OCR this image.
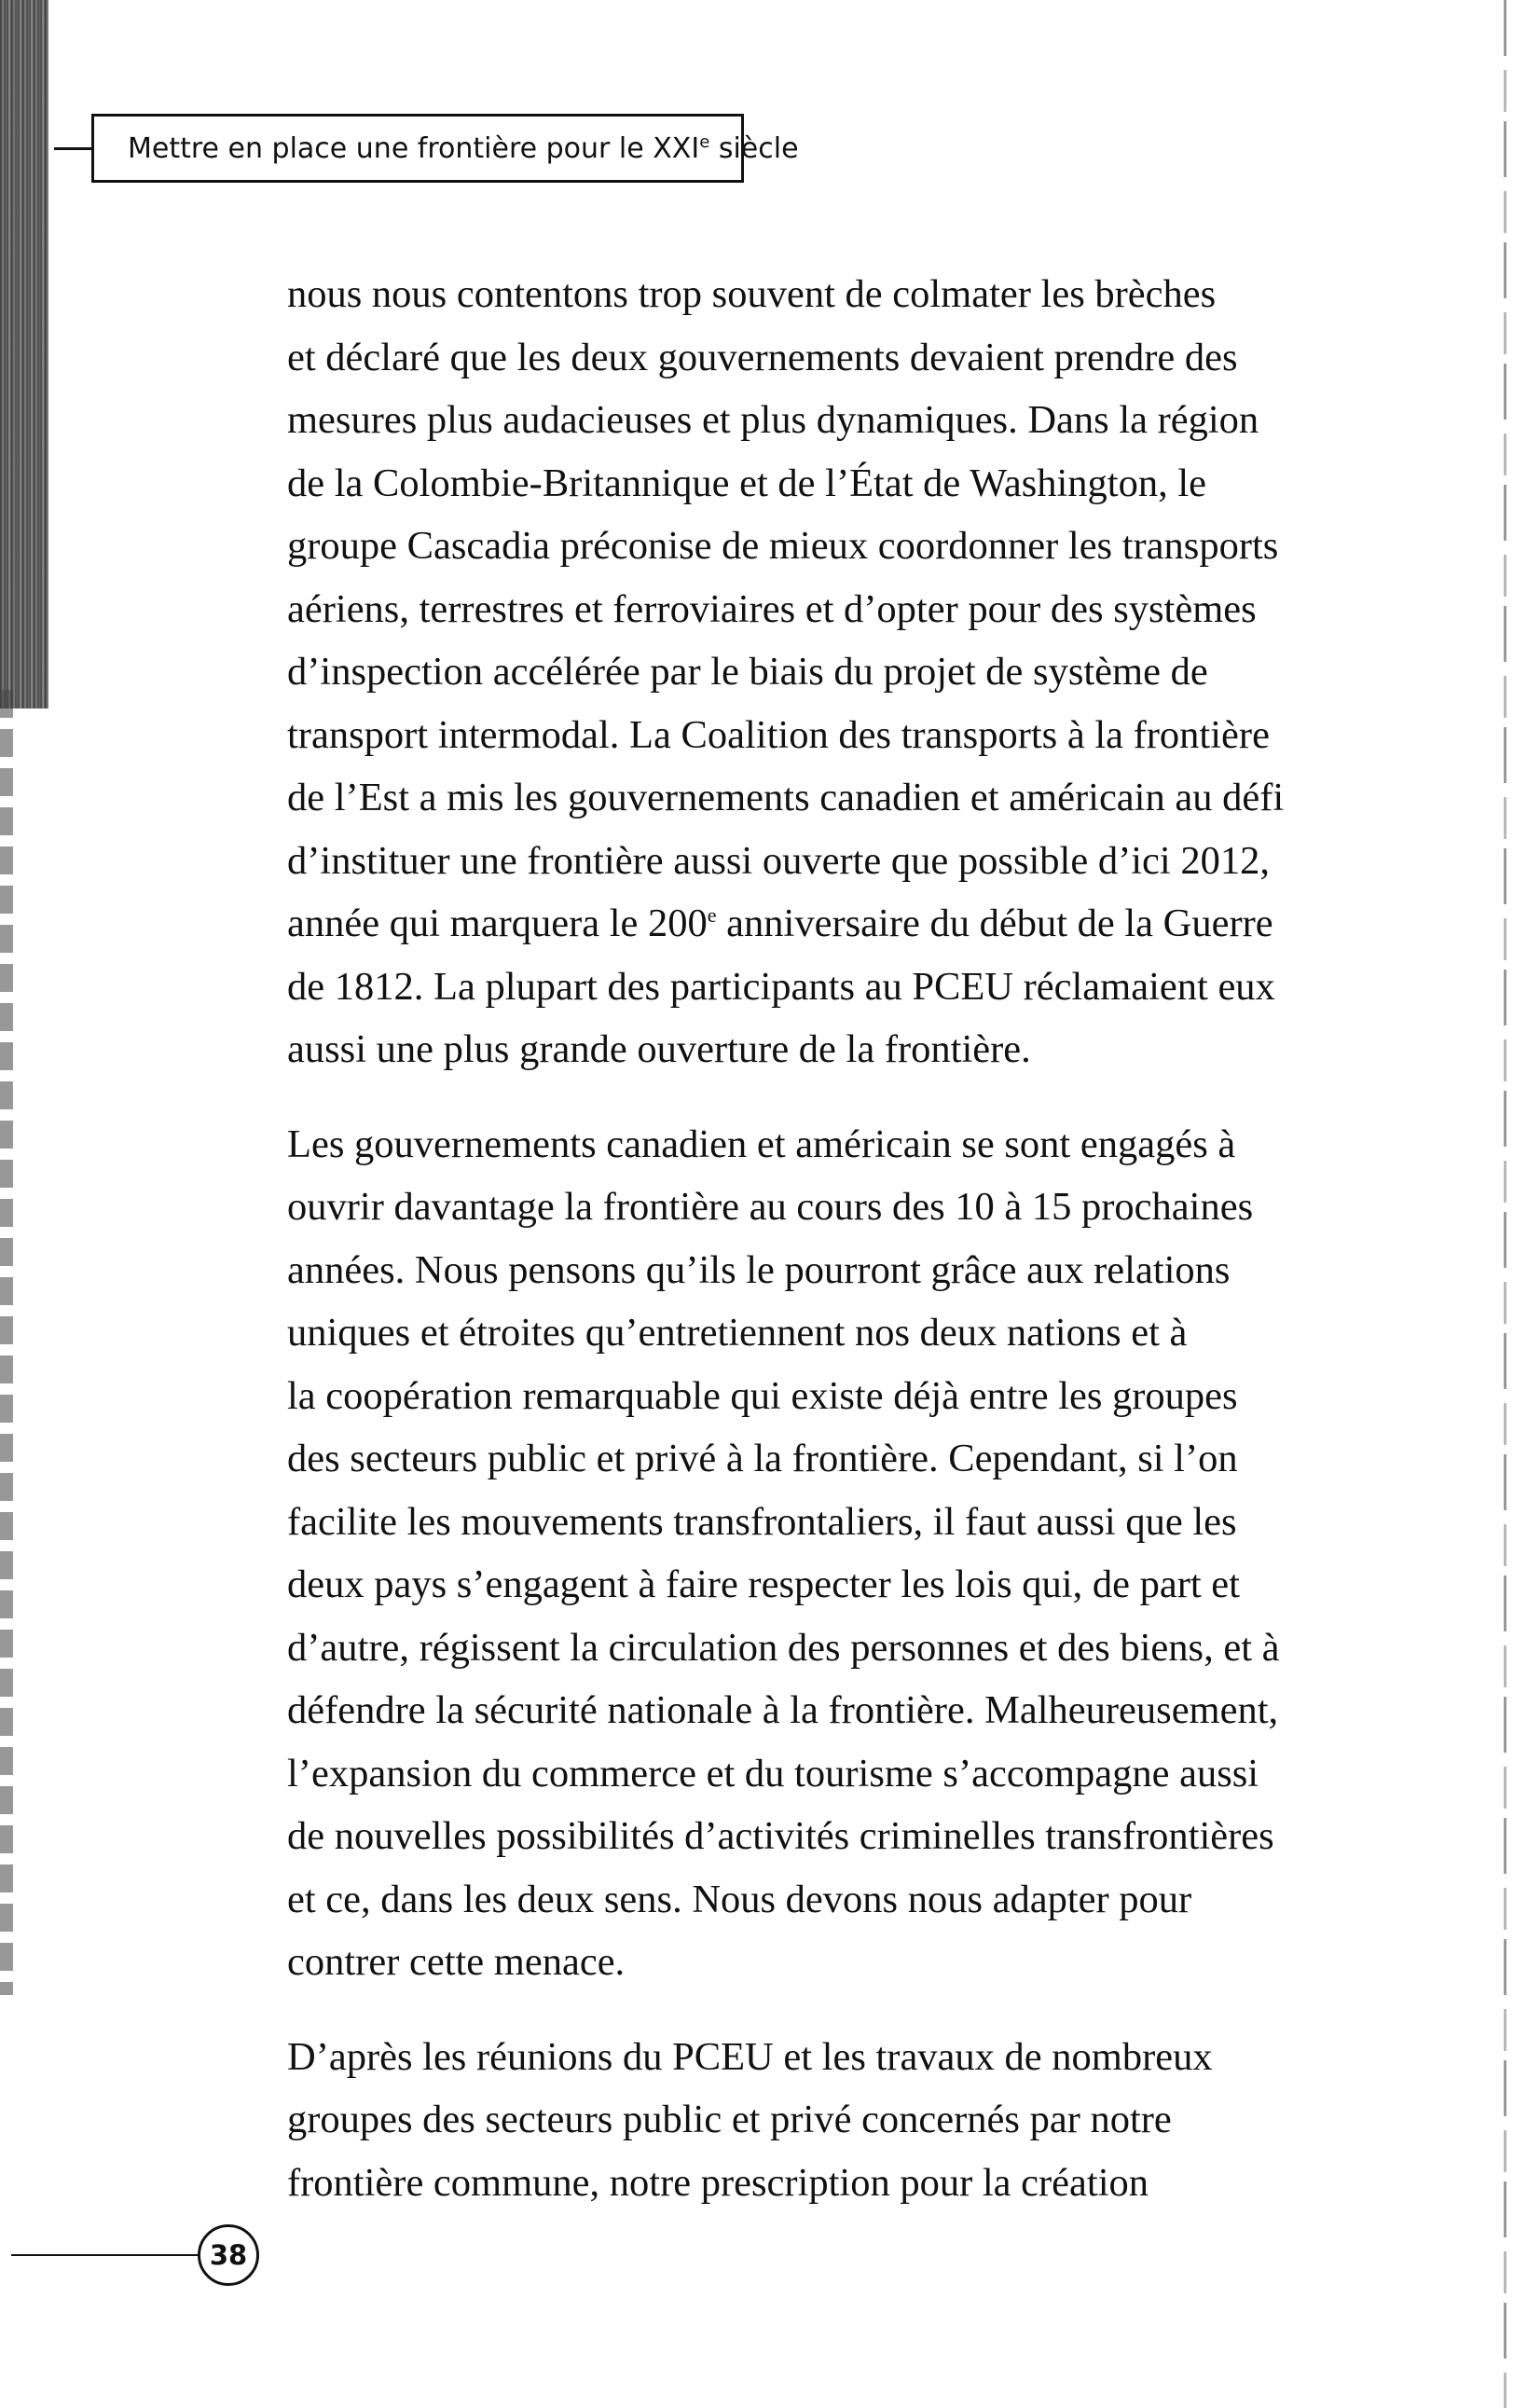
Mettre en place une frontière pour le XXIe siècle

nous nous contentons trop souvent de colmater les brèches
et déclaré que les deux gouvernements devaient prendre des
mesures plus audacieuses et plus dynamiques. Dans la région
de la Colombie-Britannique et de l’État de Washington, le
groupe Cascadia préconise de mieux coordonner les transports
aériens, terrestres et ferroviaires et d’opter pour des systèmes
d’inspection accélérée par le biais du projet de système de
transport intermodal. La Coalition des transports à la frontière
de l’Est a mis les gouvernements canadien et américain au défi
d’instituer une frontière aussi ouverte que possible d’ici 2012,
année qui marquera le 200e anniversaire du début de la Guerre
de 1812. La plupart des participants au PCEU réclamaient eux
aussi une plus grande ouverture de la frontière.

Les gouvernements canadien et américain se sont engagés à
ouvrir davantage la frontière au cours des 10 à 15 prochaines
années. Nous pensons qu’ils le pourront grâce aux relations
uniques et étroites qu’entretiennent nos deux nations et à
la coopération remarquable qui existe déjà entre les groupes
des secteurs public et privé à la frontière. Cependant, si l’on
facilite les mouvements transfrontaliers, il faut aussi que les
deux pays s’engagent à faire respecter les lois qui, de part et
d’autre, régissent la circulation des personnes et des biens, et à
défendre la sécurité nationale à la frontière. Malheureusement,
l’expansion du commerce et du tourisme s’accompagne aussi
de nouvelles possibilités d’activités criminelles transfrontières
et ce, dans les deux sens. Nous devons nous adapter pour
contrer cette menace.

D’après les réunions du PCEU et les travaux de nombreux
groupes des secteurs public et privé concernés par notre
frontière commune, notre prescription pour la création

38
